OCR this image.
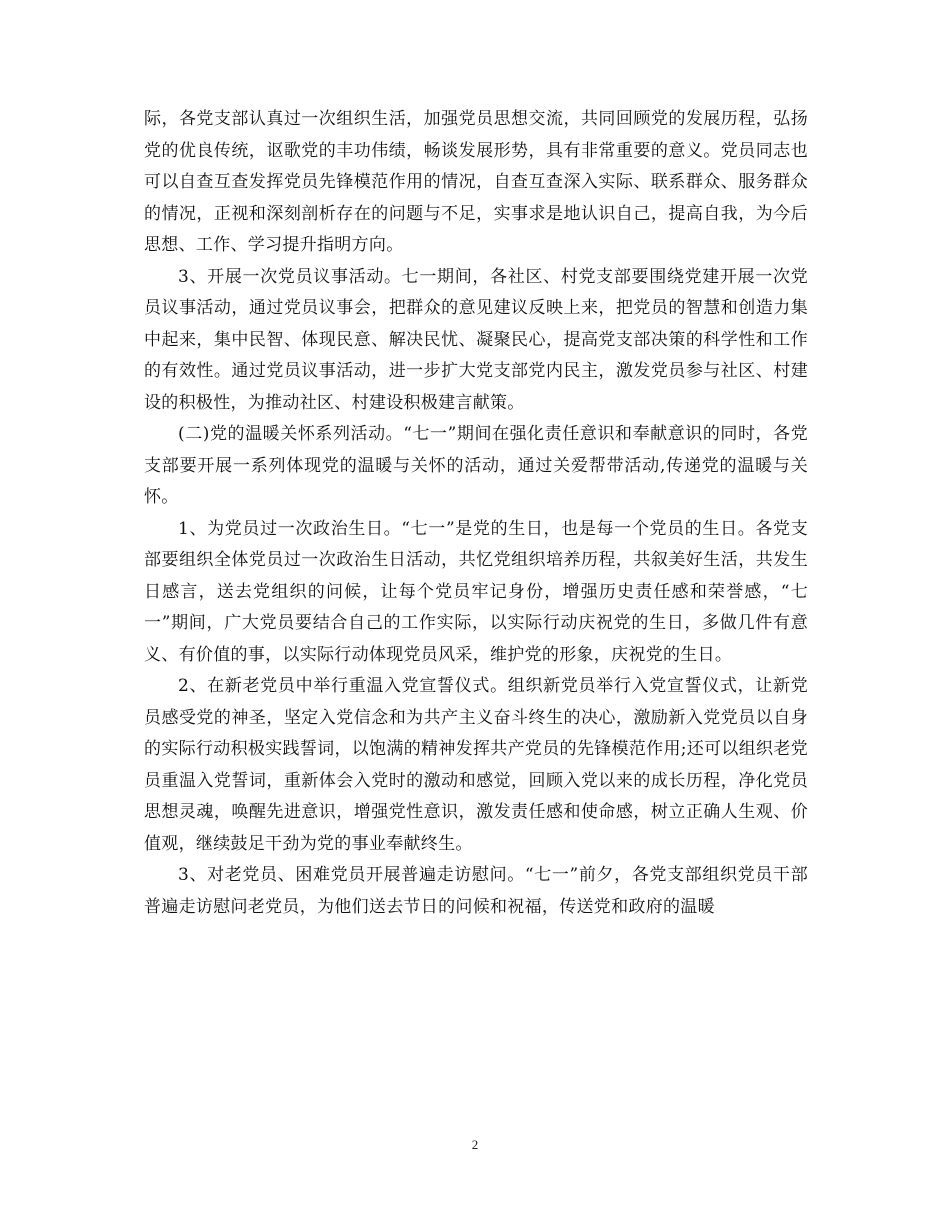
际，各党支部认真过一次组织生活，加强党员思想交流，共同回顾党的发展历程，弘扬党的优良传统，讴歌党的丰功伟绩，畅谈发展形势，具有非常重要的意义。党员同志也可以自查互查发挥党员先锋模范作用的情况，自查互查深入实际、联系群众、服务群众的情况，正视和深刻剖析存在的问题与不足，实事求是地认识自己，提高自我，为今后思想、工作、学习提升指明方向。

3、开展一次党员议事活动。七一期间，各社区、村党支部要围绕党建开展一次党员议事活动，通过党员议事会，把群众的意见建议反映上来，把党员的智慧和创造力集中起来，集中民智、体现民意、解决民忧、凝聚民心，提高党支部决策的科学性和工作的有效性。通过党员议事活动，进一步扩大党支部党内民主，激发党员参与社区、村建设的积极性，为推动社区、村建设积极建言献策。

(二)党的温暖关怀系列活动。“七一”期间在强化责任意识和奉献意识的同时，各党支部要开展一系列体现党的温暖与关怀的活动，通过关爱帮带活动,传递党的温暖与关怀。

1、为党员过一次政治生日。“七一”是党的生日，也是每一个党员的生日。各党支部要组织全体党员过一次政治生日活动，共忆党组织培养历程，共叙美好生活，共发生日感言，送去党组织的问候，让每个党员牢记身份，增强历史责任感和荣誉感，“七一”期间，广大党员要结合自己的工作实际，以实际行动庆祝党的生日，多做几件有意义、有价值的事，以实际行动体现党员风采，维护党的形象，庆祝党的生日。

2、在新老党员中举行重温入党宣誓仪式。组织新党员举行入党宣誓仪式，让新党员感受党的神圣，坚定入党信念和为共产主义奋斗终生的决心，激励新入党党员以自身的实际行动积极实践誓词，以饱满的精神发挥共产党员的先锋模范作用;还可以组织老党员重温入党誓词，重新体会入党时的激动和感觉，回顾入党以来的成长历程，净化党员思想灵魂，唤醒先进意识，增强党性意识，激发责任感和使命感，树立正确人生观、价值观，继续鼓足干劲为党的事业奉献终生。

3、对老党员、困难党员开展普遍走访慰问。“七一”前夕，各党支部组织党员干部普遍走访慰问老党员，为他们送去节日的问候和祝福，传送党和政府的温暖

2
